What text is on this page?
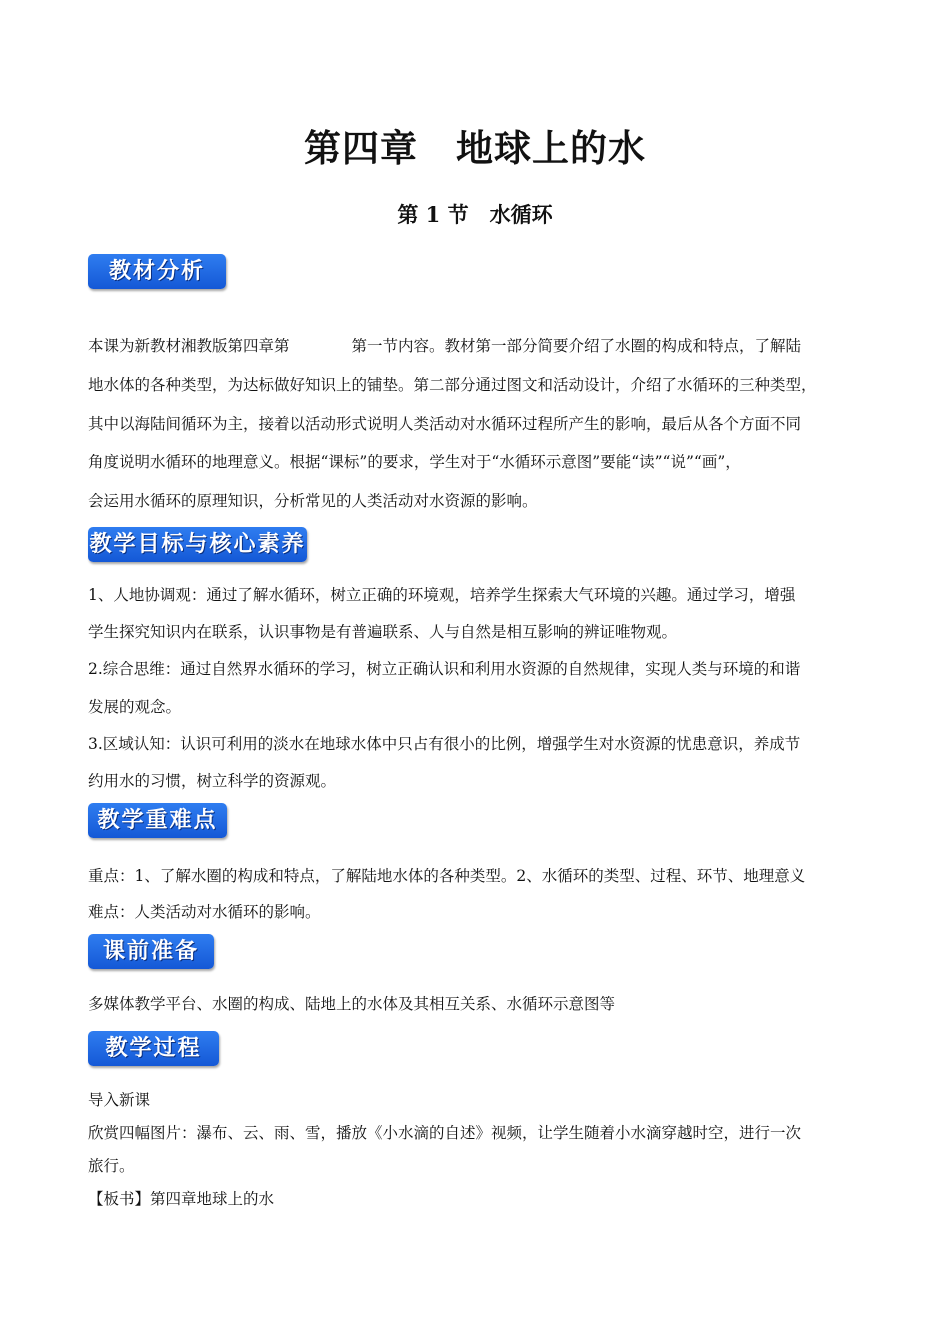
第四章　地球上的水
第 1 节　水循环
教材分析
本课为新教材湘教版第四章第	第一节内容。教材第一部分简要介绍了水圈的构成和特点，了解陆
地水体的各种类型，为达标做好知识上的铺垫。第二部分通过图文和活动设计，介绍了水循环的三种类型，
其中以海陆间循环为主，接着以活动形式说明人类活动对水循环过程所产生的影响，最后从各个方面不同
角度说明水循环的地理意义。根据“课标”的要求，学生对于“水循环示意图”要能“读”“说”“画”，
会运用水循环的原理知识，分析常见的人类活动对水资源的影响。
教学目标与核心素养
1、人地协调观：通过了解水循环，树立正确的环境观，培养学生探索大气环境的兴趣。通过学习，增强
学生探究知识内在联系，认识事物是有普遍联系、人与自然是相互影响的辨证唯物观。
2.综合思维：通过自然界水循环的学习，树立正确认识和利用水资源的自然规律，实现人类与环境的和谐
发展的观念。
3.区域认知：认识可利用的淡水在地球水体中只占有很小的比例，增强学生对水资源的忧患意识，养成节
约用水的习惯，树立科学的资源观。
教学重难点
重点：1、了解水圈的构成和特点，了解陆地水体的各种类型。2、水循环的类型、过程、环节、地理意义
难点：人类活动对水循环的影响。
课前准备
多媒体教学平台、水圈的构成、陆地上的水体及其相互关系、水循环示意图等
教学过程
导入新课
欣赏四幅图片：瀑布、云、雨、雪，播放《小水滴的自述》视频，让学生随着小水滴穿越时空，进行一次
旅行。
【板书】第四章地球上的水
